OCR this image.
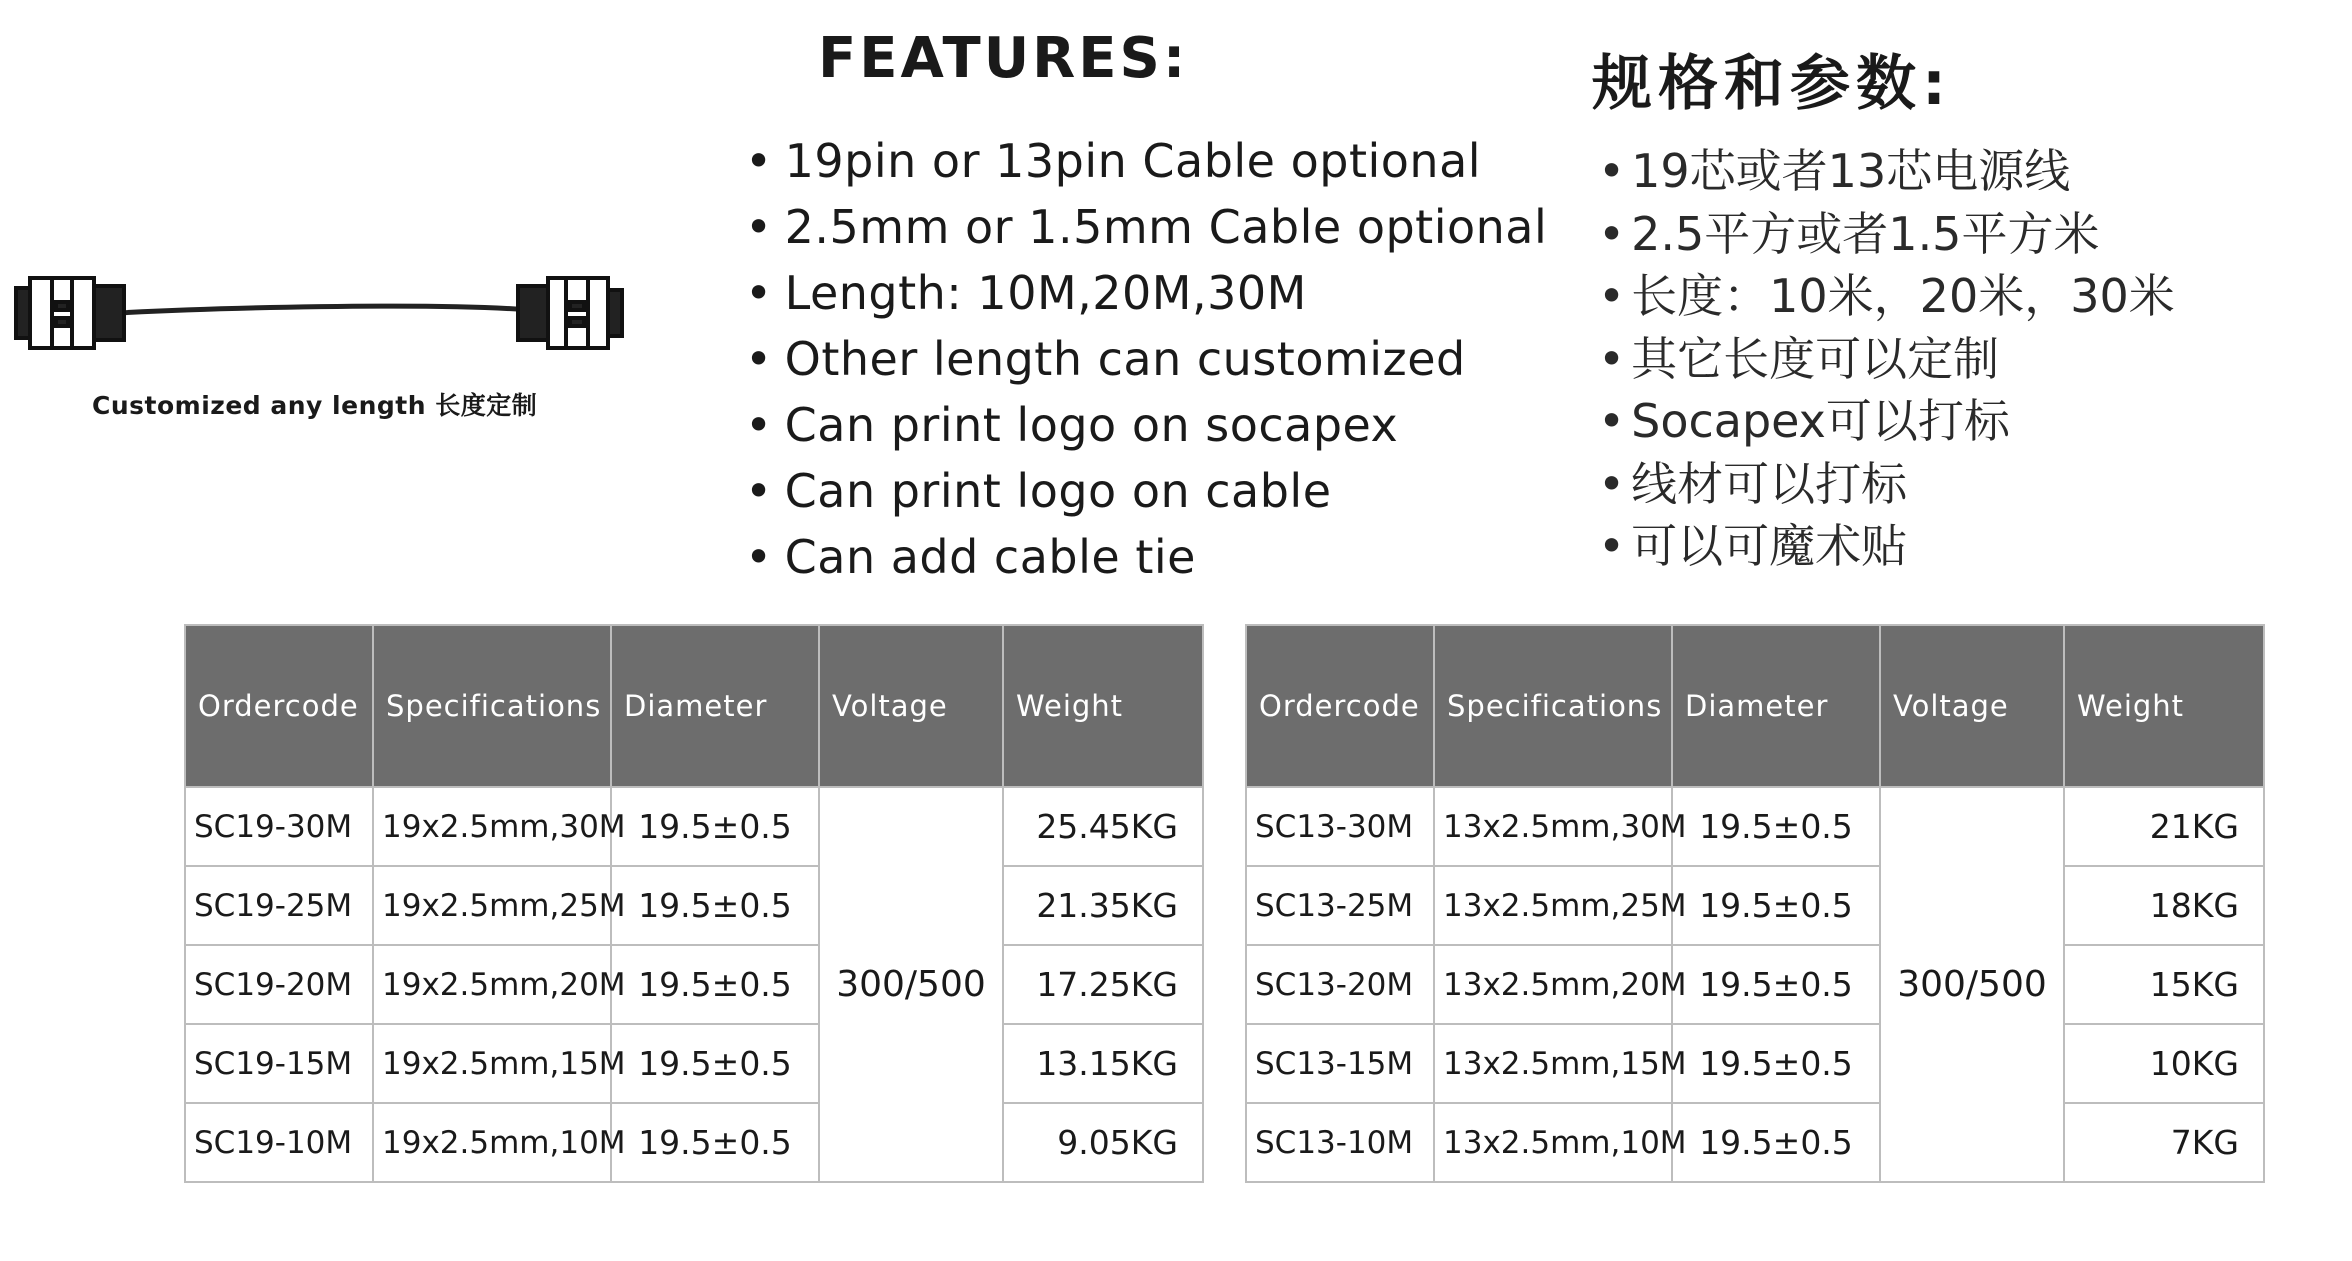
Customized any length 长度定制
FEATURES:
• 19pin or 13pin Cable optional
• 2.5mm or 1.5mm Cable optional
• Length: 10M,20M,30M
• Other length can customized
• Can print logo on socapex
• Can print logo on cable
• Can add cable tie
规格和参数:
• 19芯或者13芯电源线
• 2.5平方或者1.5平方米
• 长度：10米，20米，30米
• 其它长度可以定制
• Socapex可以打标
• 线材可以打标
• 可以可魔术贴
Ordercode	Specifications	Diameter	Voltage	Weight
SC19-30M	19x2.5mm,30M	19.5±0.5	300/500	25.45KG
SC19-25M	19x2.5mm,25M	19.5±0.5		21.35KG
SC19-20M	19x2.5mm,20M	19.5±0.5		17.25KG
SC19-15M	19x2.5mm,15M	19.5±0.5		13.15KG
SC19-10M	19x2.5mm,10M	19.5±0.5		9.05KG
Ordercode	Specifications	Diameter	Voltage	Weight
SC13-30M	13x2.5mm,30M	19.5±0.5	300/500	21KG
SC13-25M	13x2.5mm,25M	19.5±0.5		18KG
SC13-20M	13x2.5mm,20M	19.5±0.5		15KG
SC13-15M	13x2.5mm,15M	19.5±0.5		10KG
SC13-10M	13x2.5mm,10M	19.5±0.5		7KG
